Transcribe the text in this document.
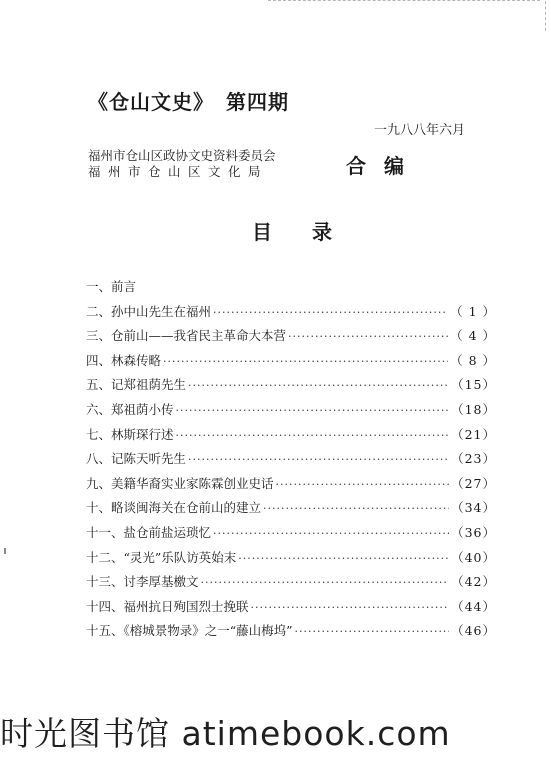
《仓山文史》 第四期
一九八八年六月
福州市仓山区政协文史资料委员会
福州市仓山区文化局	合编
目录
一、前言
二、孙中山先生在福州 ·····	（ 1 ）
三、仓前山——我省民主革命大本营 ·····	（ 4 ）
四、林森传略 ·····	（ 8 ）
五、记郑祖荫先生 ·····	（15）
六、郑祖荫小传 ·····	（18）
七、林斯琛行述 ·····	（21）
八、记陈天听先生 ·····	（23）
九、美籍华裔实业家陈霖创业史话 ·····	（27）
十、略谈闽海关在仓前山的建立 ·····	（34）
十一、盐仓前盐运琐忆 ·····	（36）
十二、“灵光”乐队访英始末 ·····	（40）
十三、讨李厚基檄文 ·····	（42）
十四、福州抗日殉国烈士挽联 ·····	（44）
十五、《榕城景物录》之一“藤山梅坞” ·····	（46）
时光图书馆 atimebook.com
